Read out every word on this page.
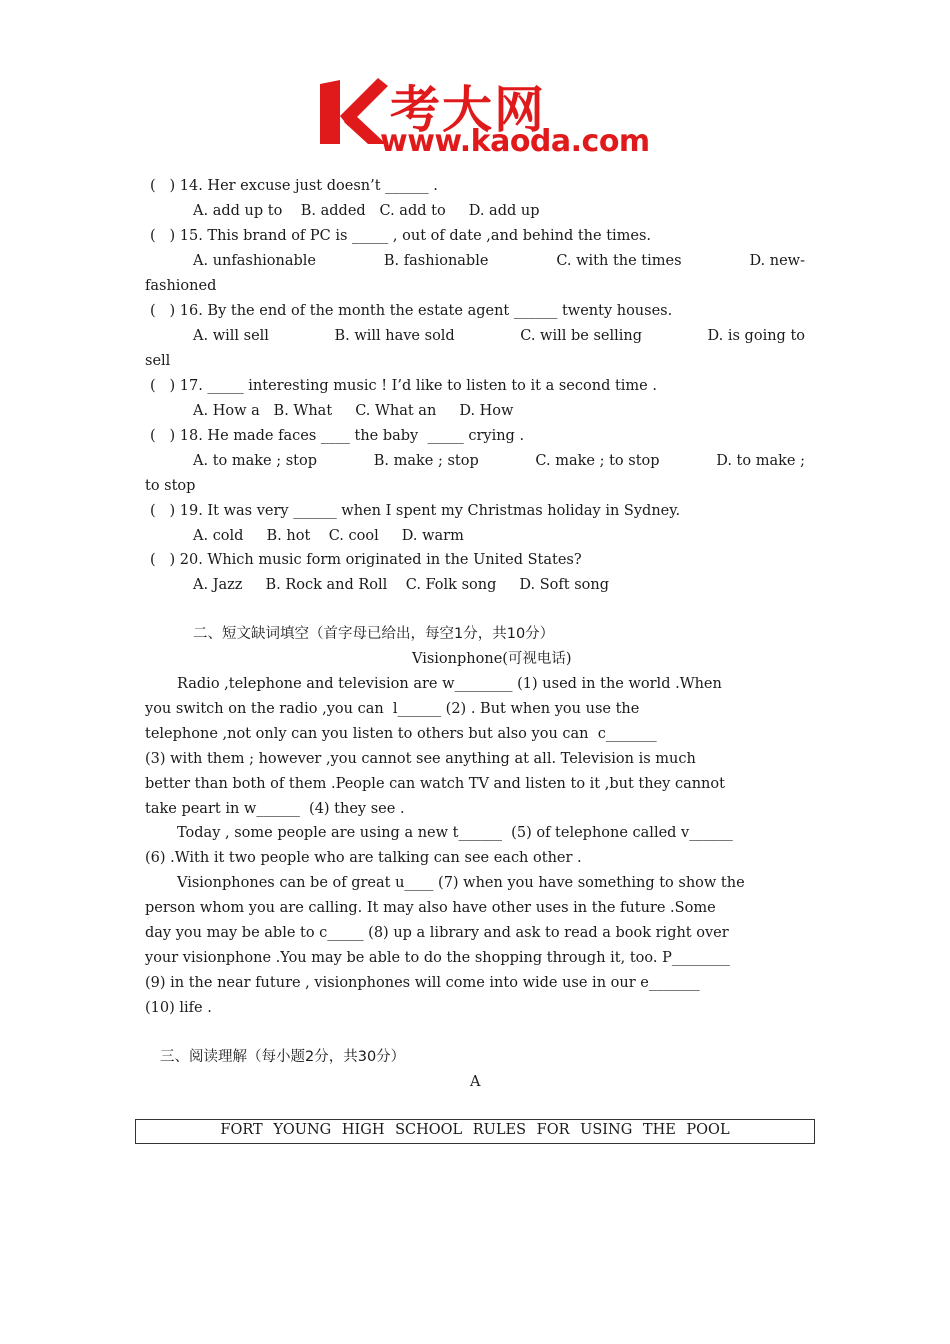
考大网
www.kaoda.com
(   ) 14. Her excuse just doesn’t ______ .
A. add up to    B. added   C. add to     D. add up
(   ) 15. This brand of PC is _____ , out of date ,and behind the times.
A. unfashionable	B. fashionable	C. with the times	D. new-
fashioned
(   ) 16. By the end of the month the estate agent ______ twenty houses.
A. will sell	B. will have sold	C. will be selling	D. is going to
sell
(   ) 17. _____ interesting music ! I’d like to listen to it a second time .
A. How a   B. What     C. What an     D. How
(   ) 18. He made faces ____ the baby  _____ crying .
A. to make ; stop	B. make ; stop	C. make ; to stop	D. to make ;
to stop
(   ) 19. It was very ______ when I spent my Christmas holiday in Sydney.
A. cold     B. hot    C. cool     D. warm
(   ) 20. Which music form originated in the United States?
A. Jazz     B. Rock and Roll    C. Folk song     D. Soft song
二、短文缺词填空（首字母已给出，每空1分，共10分）
Visionphone(可视电话)
Radio ,telephone and television are w________ (1) used in the world .When
you switch on the radio ,you can  l______ (2) . But when you use the
telephone ,not only can you listen to others but also you can  c_______
(3) with them ; however ,you cannot see anything at all. Television is much
better than both of them .People can watch TV and listen to it ,but they cannot
take peart in w______  (4) they see .
Today , some people are using a new t______  (5) of telephone called v______
(6) .With it two people who are talking can see each other .
Visionphones can be of great u____ (7) when you have something to show the
person whom you are calling. It may also have other uses in the future .Some
day you may be able to c_____ (8) up a library and ask to read a book right over
your visionphone .You may be able to do the shopping through it, too. P________
(9) in the near future , visionphones will come into wide use in our e_______
(10) life .
三、阅读理解（每小题2分，共30分）
A
FORT YOUNG HIGH SCHOOL RULES FOR USING THE POOL
